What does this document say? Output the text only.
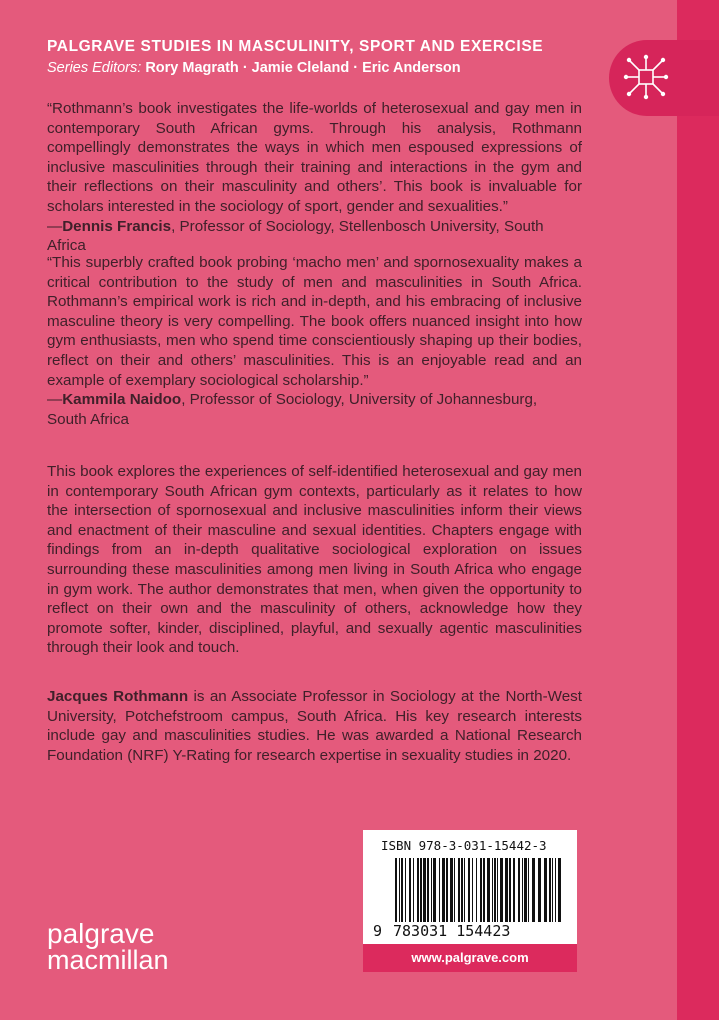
PALGRAVE STUDIES IN MASCULINITY, SPORT AND EXERCISE
Series Editors: Rory Magrath · Jamie Cleland · Eric Anderson

“Rothmann’s book investigates the life-worlds of heterosexual and gay men in contemporary South African gyms. Through his analysis, Rothmann compellingly demonstrates the ways in which men espoused expressions of inclusive masculinities through their training and interactions in the gym and their reflections on their masculinity and others’. This book is invaluable for scholars interested in the sociology of sport, gender and sexualities.”

—Dennis Francis, Professor of Sociology, Stellenbosch University, South Africa

“This superbly crafted book probing ‘macho men’ and spornosexuality makes a critical contribution to the study of men and masculinities in South Africa. Rothmann’s empirical work is rich and in-depth, and his embracing of inclusive masculine theory is very compelling. The book offers nuanced insight into how gym enthusiasts, men who spend time conscientiously shaping up their bodies, reflect on their and others’ masculinities. This is an enjoyable read and an example of exemplary sociological scholarship.”

—Kammila Naidoo, Professor of Sociology, University of Johannesburg,
South Africa

This book explores the experiences of self-identified heterosexual and gay men in contemporary South African gym contexts, particularly as it relates to how the intersection of spornosexual and inclusive masculinities inform their views and enactment of their masculine and sexual identities. Chapters engage with findings from an in-depth qualitative sociological exploration on issues surrounding these masculinities among men living in South Africa who engage in gym work. The author demonstrates that men, when given the opportunity to reflect on their own and the masculinity of others, acknowledge how they promote softer, kinder, disciplined, playful, and sexually agentic masculinities through their look and touch.

Jacques Rothmann is an Associate Professor in Sociology at the North-West University, Potchefstroom campus, South Africa. His key research interests include gay and masculinities studies. He was awarded a National Research Foundation (NRF) Y-Rating for research expertise in sexuality studies in 2020.

ISBN 978-3-031-15442-3
9 783031 154423
www.palgrave.com
palgrave
macmillan
